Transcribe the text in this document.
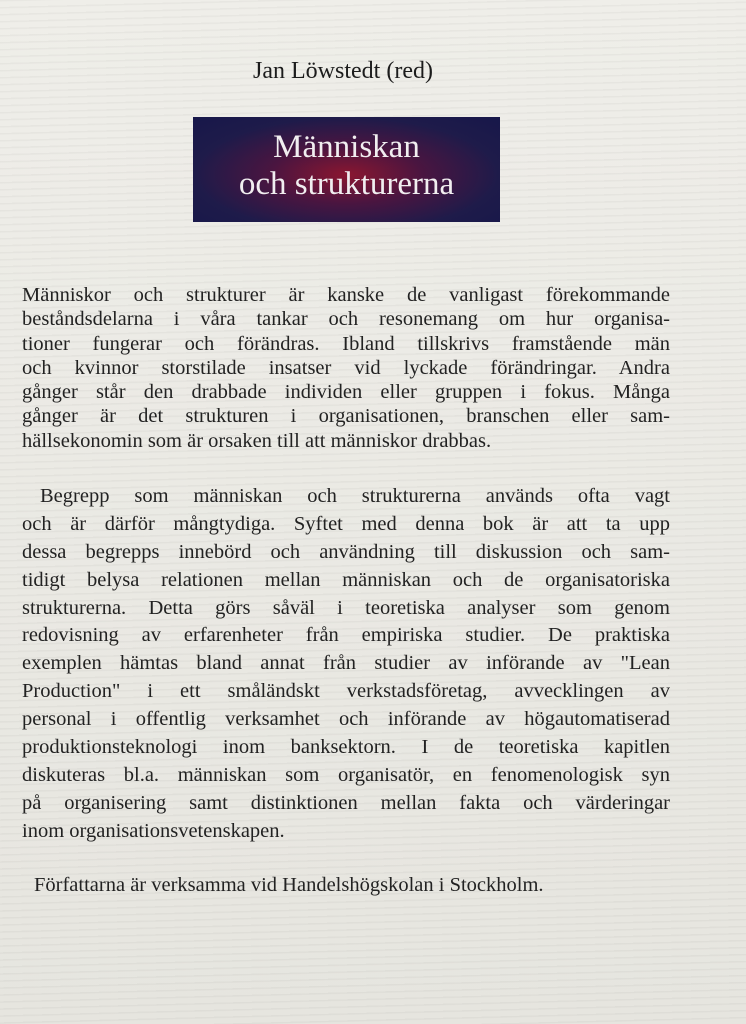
Jan Löwstedt (red)
Människan
och strukturerna
Människor och strukturer är kanske de vanligast förekommande
beståndsdelarna i våra tankar och resonemang om hur organisa-
tioner fungerar och förändras. Ibland tillskrivs framstående män
och kvinnor storstilade insatser vid lyckade förändringar. Andra
gånger står den drabbade individen eller gruppen i fokus. Många
gånger är det strukturen i organisationen, branschen eller sam-
hällsekonomin som är orsaken till att människor drabbas.
Begrepp som människan och strukturerna används ofta vagt
och är därför mångtydiga. Syftet med denna bok är att ta upp
dessa begrepps innebörd och användning till diskussion och sam-
tidigt belysa relationen mellan människan och de organisatoriska
strukturerna. Detta görs såväl i teoretiska analyser som genom
redovisning av erfarenheter från empiriska studier. De praktiska
exemplen hämtas bland annat från studier av införande av "Lean
Production" i ett småländskt verkstadsföretag, avvecklingen av
personal i offentlig verksamhet och införande av högautomatiserad
produktionsteknologi inom banksektorn. I de teoretiska kapitlen
diskuteras bl.a. människan som organisatör, en fenomenologisk syn
på organisering samt distinktionen mellan fakta och värderingar
inom organisationsvetenskapen.
Författarna är verksamma vid Handelshögskolan i Stockholm.
